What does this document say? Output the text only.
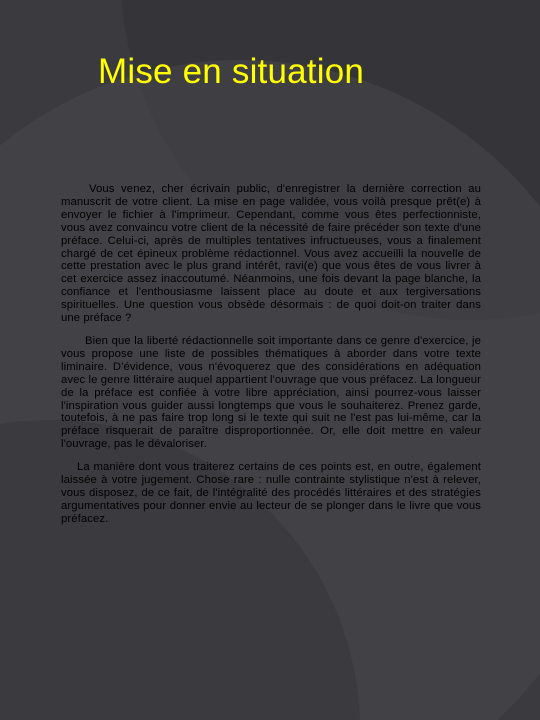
Mise en situation

Vous venez, cher écrivain public, d'enregistrer la dernière correction au manuscrit de votre client. La mise en page validée, vous voilà presque prêt(e) à envoyer le fichier à l'imprimeur. Cependant, comme vous êtes perfectionniste, vous avez convaincu votre client de la nécessité de faire précéder son texte d'une préface. Celui-ci, après de multiples tentatives infructueuses, vous a finalement chargé de cet épineux problème rédactionnel. Vous avez accueilli la nouvelle de cette prestation avec le plus grand intérêt, ravi(e) que vous êtes de vous livrer à cet exercice assez inaccoutumé. Néanmoins, une fois devant la page blanche, la confiance et l'enthousiasme laissent place au doute et aux tergiversations spirituelles. Une question vous obsède désormais : de quoi doit-on traiter dans une préface ?

Bien que la liberté rédactionnelle soit importante dans ce genre d'exercice, je vous propose une liste de possibles thématiques à aborder dans votre texte liminaire. D'évidence, vous n'évoquerez que des considérations en adéquation avec le genre littéraire auquel appartient l'ouvrage que vous préfacez. La longueur de la préface est confiée à votre libre appréciation, ainsi pourrez-vous laisser l'inspiration vous guider aussi longtemps que vous le souhaiterez. Prenez garde, toutefois, à ne pas faire trop long si le texte qui suit ne l'est pas lui-même, car la préface risquerait de paraître disproportionnée. Or, elle doit mettre en valeur l'ouvrage, pas le dévaloriser.

La manière dont vous traiterez certains de ces points est, en outre, également laissée à votre jugement. Chose rare : nulle contrainte stylistique n'est à relever, vous disposez, de ce fait, de l'intégralité des procédés littéraires et des stratégies argumentatives pour donner envie au lecteur de se plonger dans le livre que vous préfacez.
